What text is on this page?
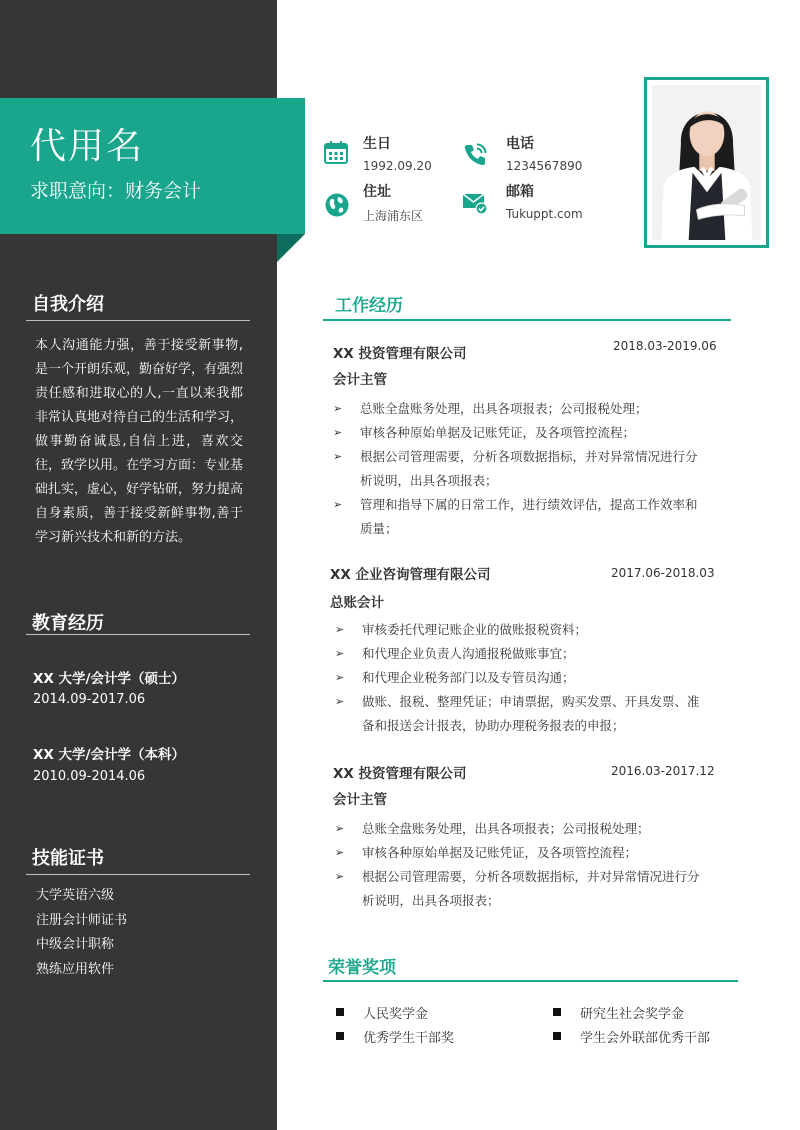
代用名
求职意向：财务会计
自我介绍

本人沟通能力强，善于接受新事物,是一个开朗乐观，勤奋好学，有强烈责任感和进取心的人,一直以来我都非常认真地对待自己的生活和学习，做事勤奋诚恳,自信上进，喜欢交往，致学以用。在学习方面：专业基础扎实，虚心，好学钻研，努力提高自身素质，善于接受新鲜事物,善于学习新兴技术和新的方法。

教育经历
XX 大学/会计学（硕士）
2014.09-2017.06
XX 大学/会计学（本科）
2010.09-2014.06
技能证书
大学英语六级
注册会计师证书
中级会计职称
熟练应用软件
生日
1992.09.20
电话
1234567890
住址
上海浦东区
邮箱
Tukuppt.com
工作经历
XX 投资管理有限公司	2018.03-2019.06
会计主管
➢ 总账全盘账务处理，出具各项报表；公司报税处理；
➢ 审核各种原始单据及记账凭证，及各项管控流程；
➢ 根据公司管理需要，分析各项数据指标，并对异常情况进行分析说明，出具各项报表；
➢ 管理和指导下属的日常工作，进行绩效评估，提高工作效率和质量；
XX 企业咨询管理有限公司	2017.06-2018.03
总账会计
➢ 审核委托代理记账企业的做账报税资料；
➢ 和代理企业负责人沟通报税做账事宜；
➢ 和代理企业税务部门以及专管员沟通；
➢ 做账、报税、整理凭证；申请票据，购买发票、开具发票、准备和报送会计报表，协助办理税务报表的申报；
XX 投资管理有限公司	2016.03-2017.12
会计主管
➢ 总账全盘账务处理，出具各项报表；公司报税处理；
➢ 审核各种原始单据及记账凭证，及各项管控流程；
➢ 根据公司管理需要，分析各项数据指标，并对异常情况进行分析说明，出具各项报表；
荣誉奖项
人民奖学金	研究生社会奖学金
优秀学生干部奖	学生会外联部优秀干部
